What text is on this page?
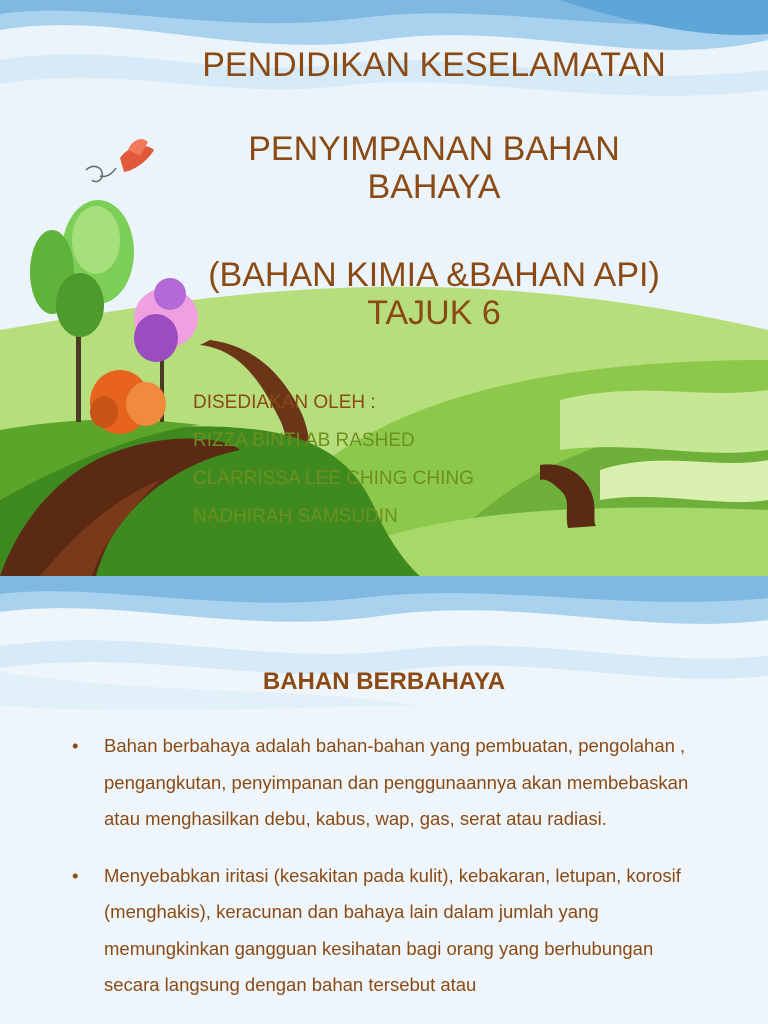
PENDIDIKAN KESELAMATAN
PENYIMPANAN BAHAN
BAHAYA
(BAHAN KIMIA &BAHAN API)
TAJUK 6
DISEDIAKAN OLEH :
RIZZA BINTI AB RASHED
CLARRISSA LEE CHING CHING
NADHIRAH SAMSUDIN
BAHAN BERBAHAYA
• Bahan berbahaya adalah bahan-bahan yang pembuatan, pengolahan , pengangkutan, penyimpanan dan penggunaannya akan membebaskan atau menghasilkan debu, kabus, wap, gas, serat atau radiasi.
• Menyebabkan iritasi (kesakitan pada kulit), kebakaran, letupan, korosif (menghakis), keracunan dan bahaya lain dalam jumlah yang memungkinkan gangguan kesihatan bagi orang yang berhubungan secara langsung dengan bahan tersebut atau
